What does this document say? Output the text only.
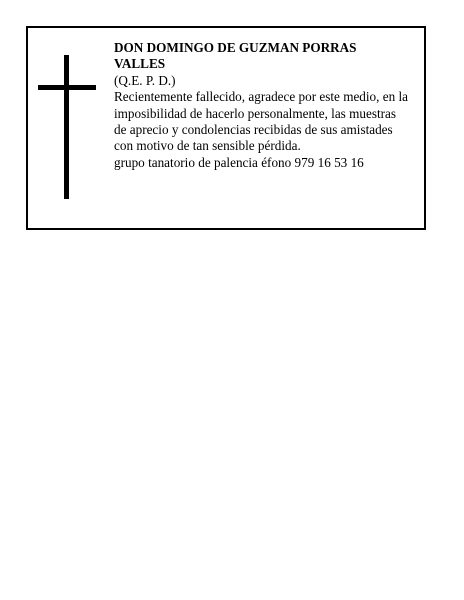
DON DOMINGO DE GUZMAN PORRAS
VALLES
(Q.E. P. D.)
Recientemente fallecido, agradece por este medio, en la
imposibilidad de hacerlo personalmente, las muestras
de aprecio y condolencias recibidas de sus amistades
con motivo de tan sensible pérdida.
grupo tanatorio de palencia éfono 979 16 53 16
